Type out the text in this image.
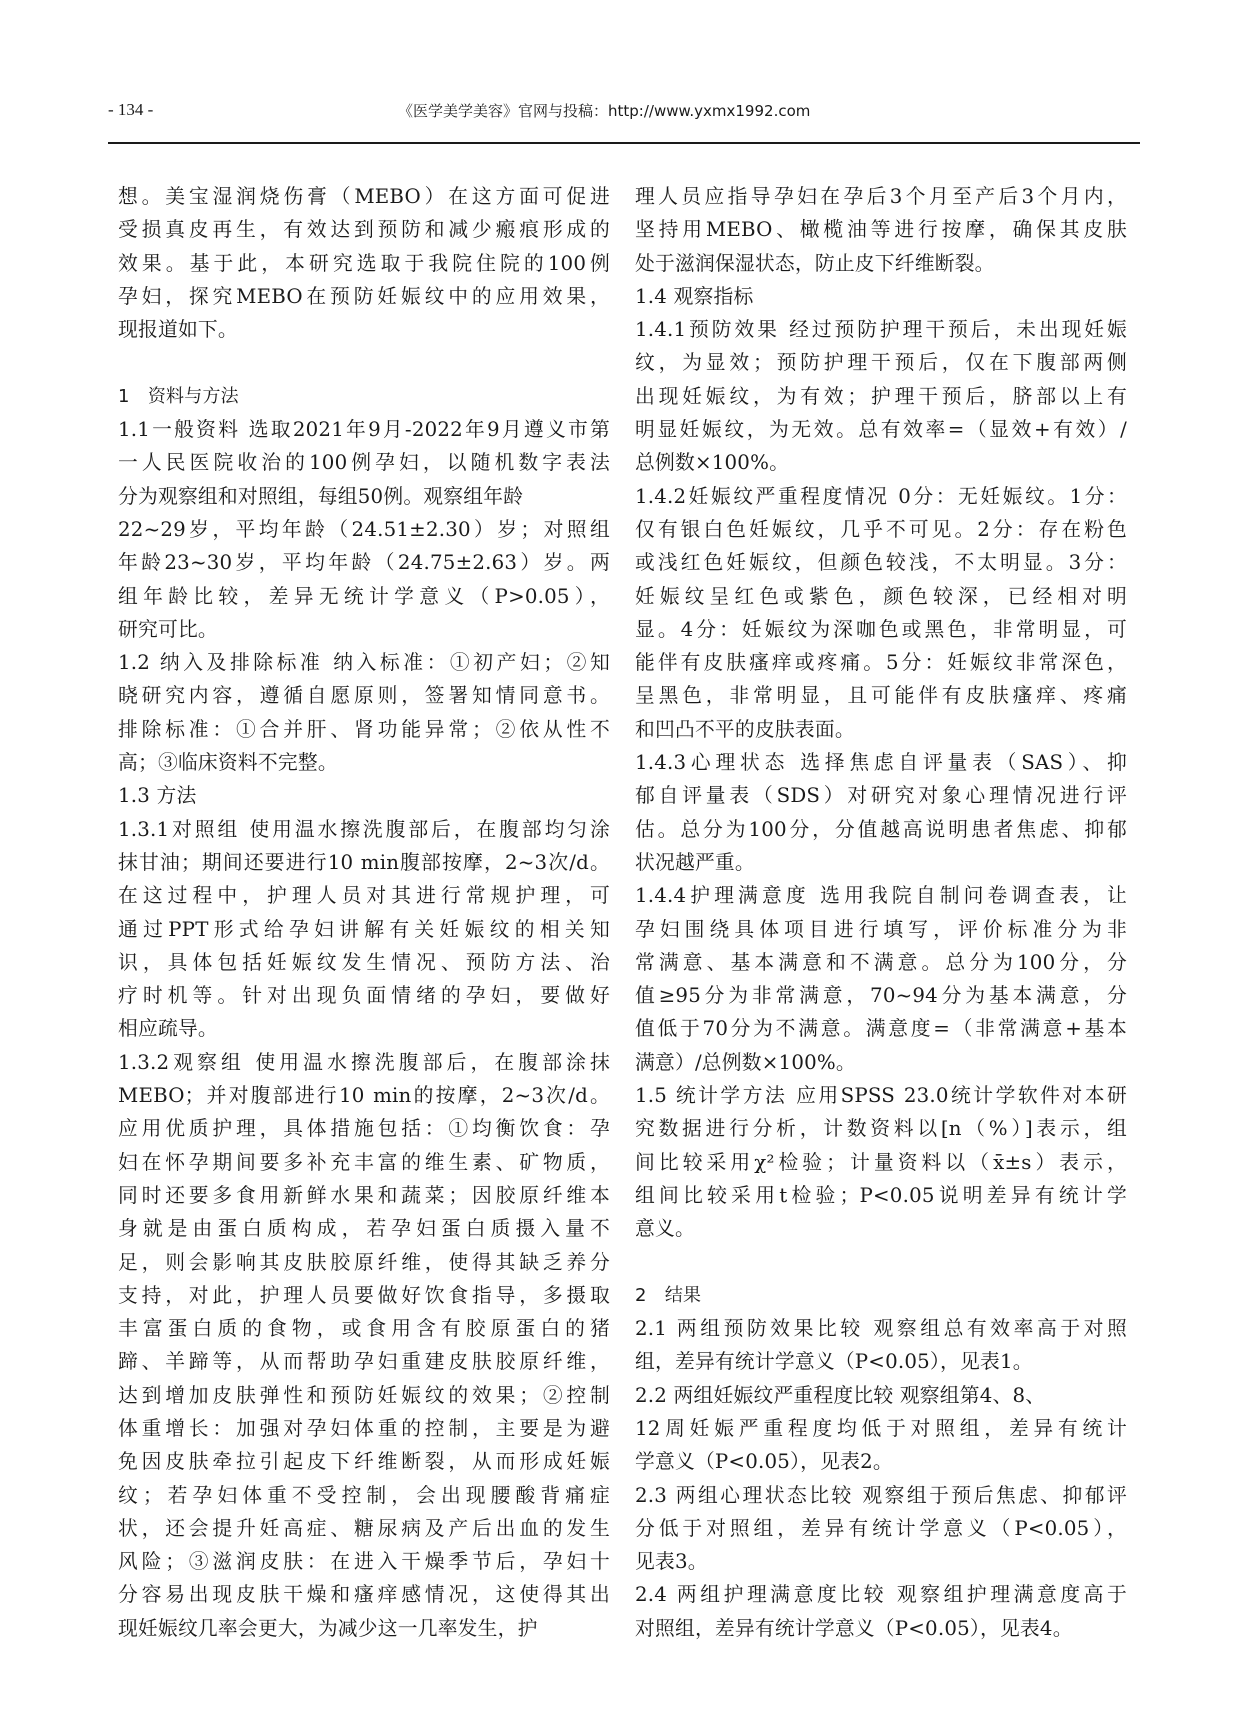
- 134 -	《医学美学美容》官网与投稿：http://www.yxmx1992.com
想。美宝湿润烧伤膏（MEBO）在这方面可促进
受损真皮再生，有效达到预防和减少瘢痕形成的
效果。基于此，本研究选取于我院住院的100例
孕妇，探究MEBO在预防妊娠纹中的应用效果，
现报道如下。
1　资料与方法
1.1一般资料 选取2021年9月-2022年9月遵义市第
一人民医院收治的100例孕妇，以随机数字表法
分为观察组和对照组，每组50例。观察组年龄
22~29岁，平均年龄（24.51±2.30）岁；对照组
年龄23~30岁，平均年龄（24.75±2.63）岁。两
组年龄比较，差异无统计学意义（P>0.05），
研究可比。
1.2 纳入及排除标准 纳入标准：①初产妇；②知
晓研究内容，遵循自愿原则，签署知情同意书。
排除标准：①合并肝、肾功能异常；②依从性不
高；③临床资料不完整。
1.3 方法
1.3.1对照组 使用温水擦洗腹部后，在腹部均匀涂
抹甘油；期间还要进行10 min腹部按摩，2~3次/d。
在这过程中，护理人员对其进行常规护理，可
通过PPT形式给孕妇讲解有关妊娠纹的相关知
识，具体包括妊娠纹发生情况、预防方法、治
疗时机等。针对出现负面情绪的孕妇，要做好
相应疏导。
1.3.2观察组 使用温水擦洗腹部后，在腹部涂抹
MEBO；并对腹部进行10 min的按摩，2~3次/d。
应用优质护理，具体措施包括：①均衡饮食：孕
妇在怀孕期间要多补充丰富的维生素、矿物质，
同时还要多食用新鲜水果和蔬菜；因胶原纤维本
身就是由蛋白质构成，若孕妇蛋白质摄入量不
足，则会影响其皮肤胶原纤维，使得其缺乏养分
支持，对此，护理人员要做好饮食指导，多摄取
丰富蛋白质的食物，或食用含有胶原蛋白的猪
蹄、羊蹄等，从而帮助孕妇重建皮肤胶原纤维，
达到增加皮肤弹性和预防妊娠纹的效果；②控制
体重增长：加强对孕妇体重的控制，主要是为避
免因皮肤牵拉引起皮下纤维断裂，从而形成妊娠
纹；若孕妇体重不受控制，会出现腰酸背痛症
状，还会提升妊高症、糖尿病及产后出血的发生
风险；③滋润皮肤：在进入干燥季节后，孕妇十
分容易出现皮肤干燥和瘙痒感情况，这使得其出
现妊娠纹几率会更大，为减少这一几率发生，护
理人员应指导孕妇在孕后3个月至产后3个月内，
坚持用MEBO、橄榄油等进行按摩，确保其皮肤
处于滋润保湿状态，防止皮下纤维断裂。
1.4 观察指标
1.4.1预防效果 经过预防护理干预后，未出现妊娠
纹，为显效；预防护理干预后，仅在下腹部两侧
出现妊娠纹，为有效；护理干预后，脐部以上有
明显妊娠纹，为无效。总有效率=（显效+有效）/
总例数×100%。
1.4.2妊娠纹严重程度情况 0分：无妊娠纹。1分：
仅有银白色妊娠纹，几乎不可见。2分：存在粉色
或浅红色妊娠纹，但颜色较浅，不太明显。3分：
妊娠纹呈红色或紫色，颜色较深，已经相对明
显。4分：妊娠纹为深咖色或黑色，非常明显，可
能伴有皮肤瘙痒或疼痛。5分：妊娠纹非常深色，
呈黑色，非常明显，且可能伴有皮肤瘙痒、疼痛
和凹凸不平的皮肤表面。
1.4.3心理状态 选择焦虑自评量表（SAS）、抑
郁自评量表（SDS）对研究对象心理情况进行评
估。总分为100分，分值越高说明患者焦虑、抑郁
状况越严重。
1.4.4护理满意度 选用我院自制问卷调查表，让
孕妇围绕具体项目进行填写，评价标准分为非
常满意、基本满意和不满意。总分为100分，分
值≥95分为非常满意，70~94分为基本满意，分
值低于70分为不满意。满意度=（非常满意+基本
满意）/总例数×100%。
1.5 统计学方法 应用SPSS 23.0统计学软件对本研
究数据进行分析，计数资料以[n（%）]表示，组
间比较采用χ²检验；计量资料以（x̄±s）表示，
组间比较采用t检验；P<0.05说明差异有统计学
意义。
2　结果
2.1 两组预防效果比较 观察组总有效率高于对照
组，差异有统计学意义（P<0.05），见表1。
2.2 两组妊娠纹严重程度比较 观察组第4、8、
12周妊娠严重程度均低于对照组，差异有统计
学意义（P<0.05），见表2。
2.3 两组心理状态比较 观察组于预后焦虑、抑郁评
分低于对照组，差异有统计学意义（P<0.05），
见表3。
2.4 两组护理满意度比较 观察组护理满意度高于
对照组，差异有统计学意义（P<0.05），见表4。
